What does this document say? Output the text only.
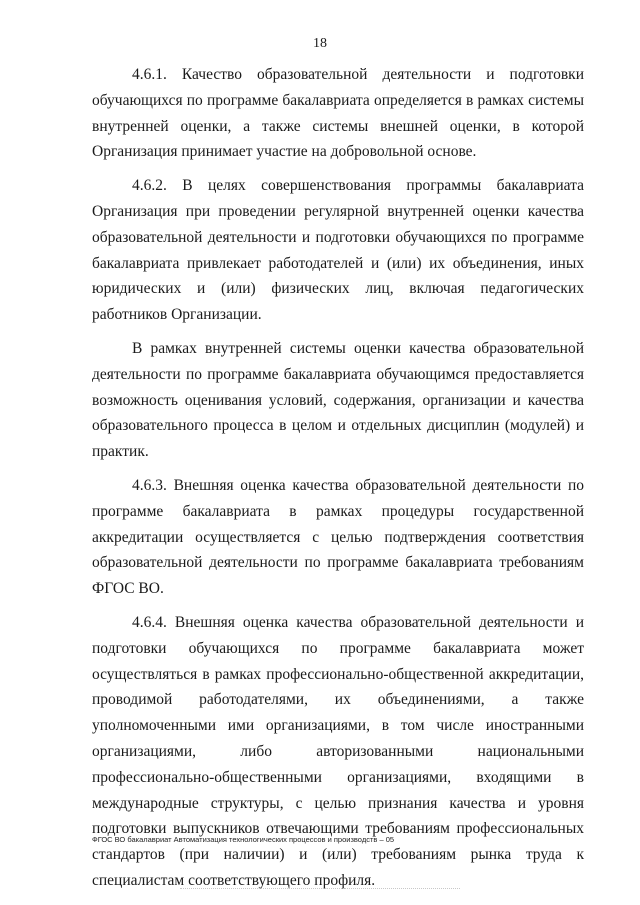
18

4.6.1. Качество образовательной деятельности и подготовки обучающихся по программе бакалавриата определяется в рамках системы внутренней оценки, а также системы внешней оценки, в которой Организация принимает участие на добровольной основе.

4.6.2. В целях совершенствования программы бакалавриата Организация при проведении регулярной внутренней оценки качества образовательной деятельности и подготовки обучающихся по программе бакалавриата привлекает работодателей и (или) их объединения, иных юридических и (или) физических лиц, включая педагогических работников Организации.

В рамках внутренней системы оценки качества образовательной деятельности по программе бакалавриата обучающимся предоставляется возможность оценивания условий, содержания, организации и качества образовательного процесса в целом и отдельных дисциплин (модулей) и практик.

4.6.3. Внешняя оценка качества образовательной деятельности по программе бакалавриата в рамках процедуры государственной аккредитации осуществляется с целью подтверждения соответствия образовательной деятельности по программе бакалавриата требованиям ФГОС ВО.

4.6.4. Внешняя оценка качества образовательной деятельности и подготовки обучающихся по программе бакалавриата может осуществляться в рамках профессионально-общественной аккредитации, проводимой работодателями, их объединениями, а также уполномоченными ими организациями, в том числе иностранными организациями, либо авторизованными национальными профессионально-общественными организациями, входящими в международные структуры, с целью признания качества и уровня подготовки выпускников отвечающими требованиям профессиональных стандартов (при наличии) и (или) требованиям рынка труда к специалистам соответствующего профиля.

ФГОС ВО бакалавриат Автоматизация технологических процессов и производств – 05
